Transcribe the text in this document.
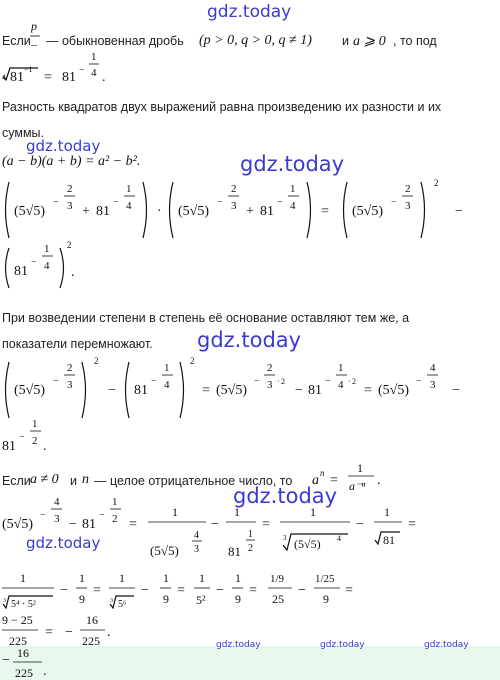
gdz.today
gdz.today
gdz.today
gdz.today
gdz.today
gdz.today
gdz.today	gdz.today	gdz.today
Если — обыкновенная дробь (p > 0, q > 0, q ≠ 1) и a ⩾ 0 , то под
Разность квадратов двух выражений равна произведению их разности и их
суммы.
(a − b)(a + b) = a² − b².
При возведении степени в степень её основание оставляют тем же, а
показатели перемножают.
Если a ≠ 0 и n — целое отрицательное число, то
p
–
4 81
−1
= 81 −
1
4 .
(5√5)
−
2
3 + 81
−
1
4 · (5√5)
−
2
3 + 81
−
1
4 = (5√5)
−
2
3
2
−
81
−
1
4
2
.
(5√5)
−
2
3
2
− 81
−
1
4
2
= (5√5)
−
2
3 · 2
− 81
−
1
4 · 2
= (5√5)
−
4
3 −
81
−
1
2 .
a n =
1
a⁻ⁿ .
(5√5)
−
4
3 − 81
−
1
2 =
1
(5√5)
4
3
−
1
81
1
2
=
1
3 (5√5) 4
−
1
81
=
1
3 5⁴ · 5²
−
1
9
=
1
3 5⁶
−
1
9
=
1
5²
−
1
9
=
1/9
25
−
1/25
9
=
9 − 25
225
= −
16
225
.
− 16
225 .
